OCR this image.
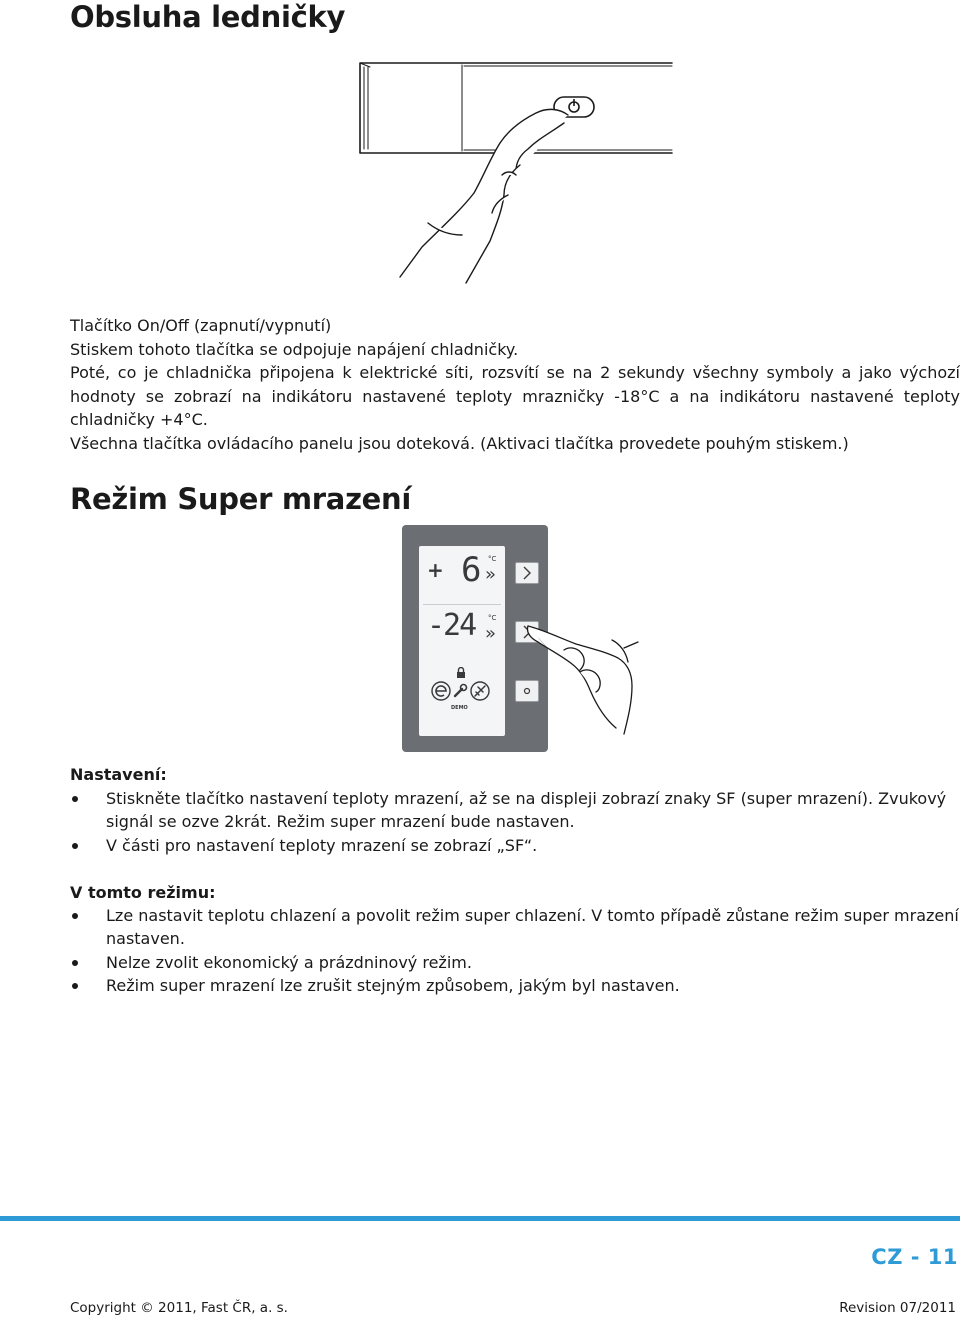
Obsluha ledničky

Tlačítko On/Off (zapnutí/vypnutí)

Stiskem tohoto tlačítka se odpojuje napájení chladničky.

Poté, co je chladnička připojena k elektrické síti, rozsvítí se na 2 sekundy všechny symboly a jako výchozí hodnoty se zobrazí na indikátoru nastavené teploty mrazničky -18°C a na indikátoru nastavené teploty chladničky +4°C.

Všechna tlačítka ovládacího panelu jsou doteková. (Aktivaci tlačítka provedete pouhým stiskem.)

Režim Super mrazení
+ 6 °C
»
-24 °C
»
DEMO
Nastavení:
Stiskněte tlačítko nastavení teploty mrazení, až se na displeji zobrazí znaky SF (super mrazení). Zvukový signál se ozve 2krát. Režim super mrazení bude nastaven.
V části pro nastavení teploty mrazení se zobrazí „SF“.
V tomto režimu:
Lze nastavit teplotu chlazení a povolit režim super chlazení. V tomto případě zůstane režim super mrazení nastaven.
Nelze zvolit ekonomický a prázdninový režim.
Režim super mrazení lze zrušit stejným způsobem, jakým byl nastaven.
CZ - 11
Copyright © 2011, Fast ČR, a. s.	Revision 07/2011
